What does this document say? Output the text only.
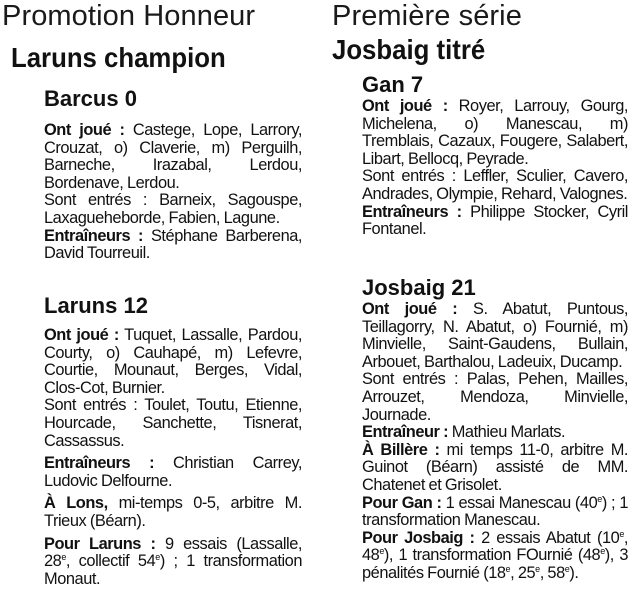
Promotion Honneur
Laruns champion
Barcus 0

Ont joué : Castege, Lope, Larrory, Crouzat, o) Claverie, m) Perguilh, Barneche, Irazabal, Lerdou, Bordenave, Lerdou.

Sont entrés : Barneix, Sagouspe, Laxagueheborde, Fabien, Lagune.

Entraîneurs : Stéphane Barberena, David Tourreuil.

Laruns 12

Ont joué : Tuquet, Lassalle, Pardou, Courty, o) Cauhapé, m) Lefevre, Courtie, Mounaut, Berges, Vidal, Clos-Cot, Burnier.

Sont entrés : Toulet, Toutu, Etienne, Hourcade, Sanchette, Tisnerat, Cassassus.

Entraîneurs : Christian Carrey, Ludovic Delfourne.

À Lons, mi-temps 0-5, arbitre M. Trieux (Béarn).

Pour Laruns : 9 essais (Lassalle, 28e, collectif 54e) ; 1 transformation Monaut.

Première série
Josbaig titré
Gan 7

Ont joué : Royer, Larrouy, Gourg, Michelena, o) Manescau, m) Tremblais, Cazaux, Fougere, Salabert, Libart, Bellocq, Peyrade.

Sont entrés : Leffler, Sculier, Cavero, Andrades, Olympie, Rehard, Valognes.

Entraîneurs : Philippe Stocker, Cyril Fontanel.

Josbaig 21

Ont joué : S. Abatut, Puntous, Teillagorry, N. Abatut, o) Fournié, m) Minvielle, Saint-Gaudens, Bullain, Arbouet, Barthalou, Ladeuix, Ducamp.

Sont entrés : Palas, Pehen, Mailles, Arrouzet, Mendoza, Minvielle, Journade.

Entraîneur : Mathieu Marlats.

À Billère : mi temps 11-0, arbitre M. Guinot (Béarn) assisté de MM. Chatenet et Grisolet.

Pour Gan : 1 essai Manescau (40e) ; 1 transformation Manescau.

Pour Josbaig : 2 essais Abatut (10e, 48e), 1 transformation FOurnié (48e), 3 pénalités Fournié (18e, 25e, 58e).
